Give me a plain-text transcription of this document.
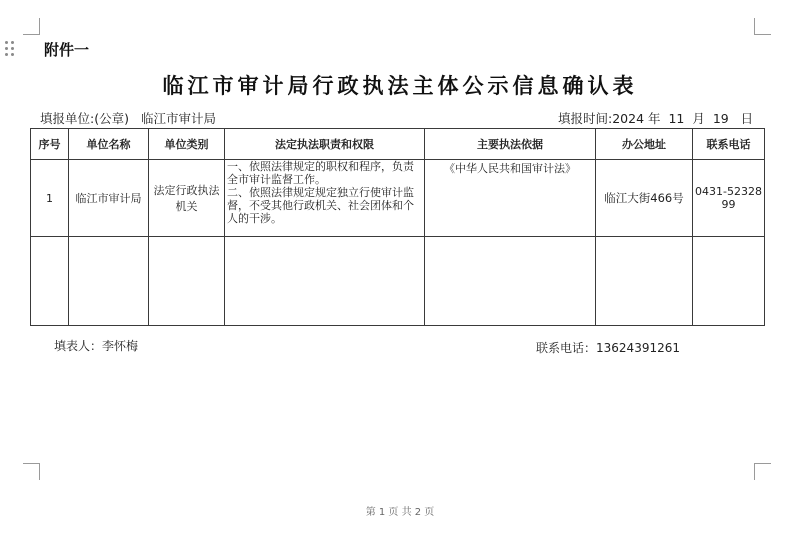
附件一
临江市审计局行政执法主体公示信息确认表
填报单位:(公章) 临江市审计局	填报时间:2024 年 11 月 19 日
序号	单位名称	单位类别	法定执法职责和权限	主要执法依据	办公地址	联系电话
1	临江市审计局	法定行政执法机关	一、依照法律规定的职权和程序，负责全市审计监督工作。
二、依照法律规定规定独立行使审计监督，不受其他行政机关、社会团体和个人的干涉。	《中华人民共和国审计法》	临江大街466号	0431-5232899

填表人：李怀梅	联系电话：13624391261
第 1 页 共 2 页
